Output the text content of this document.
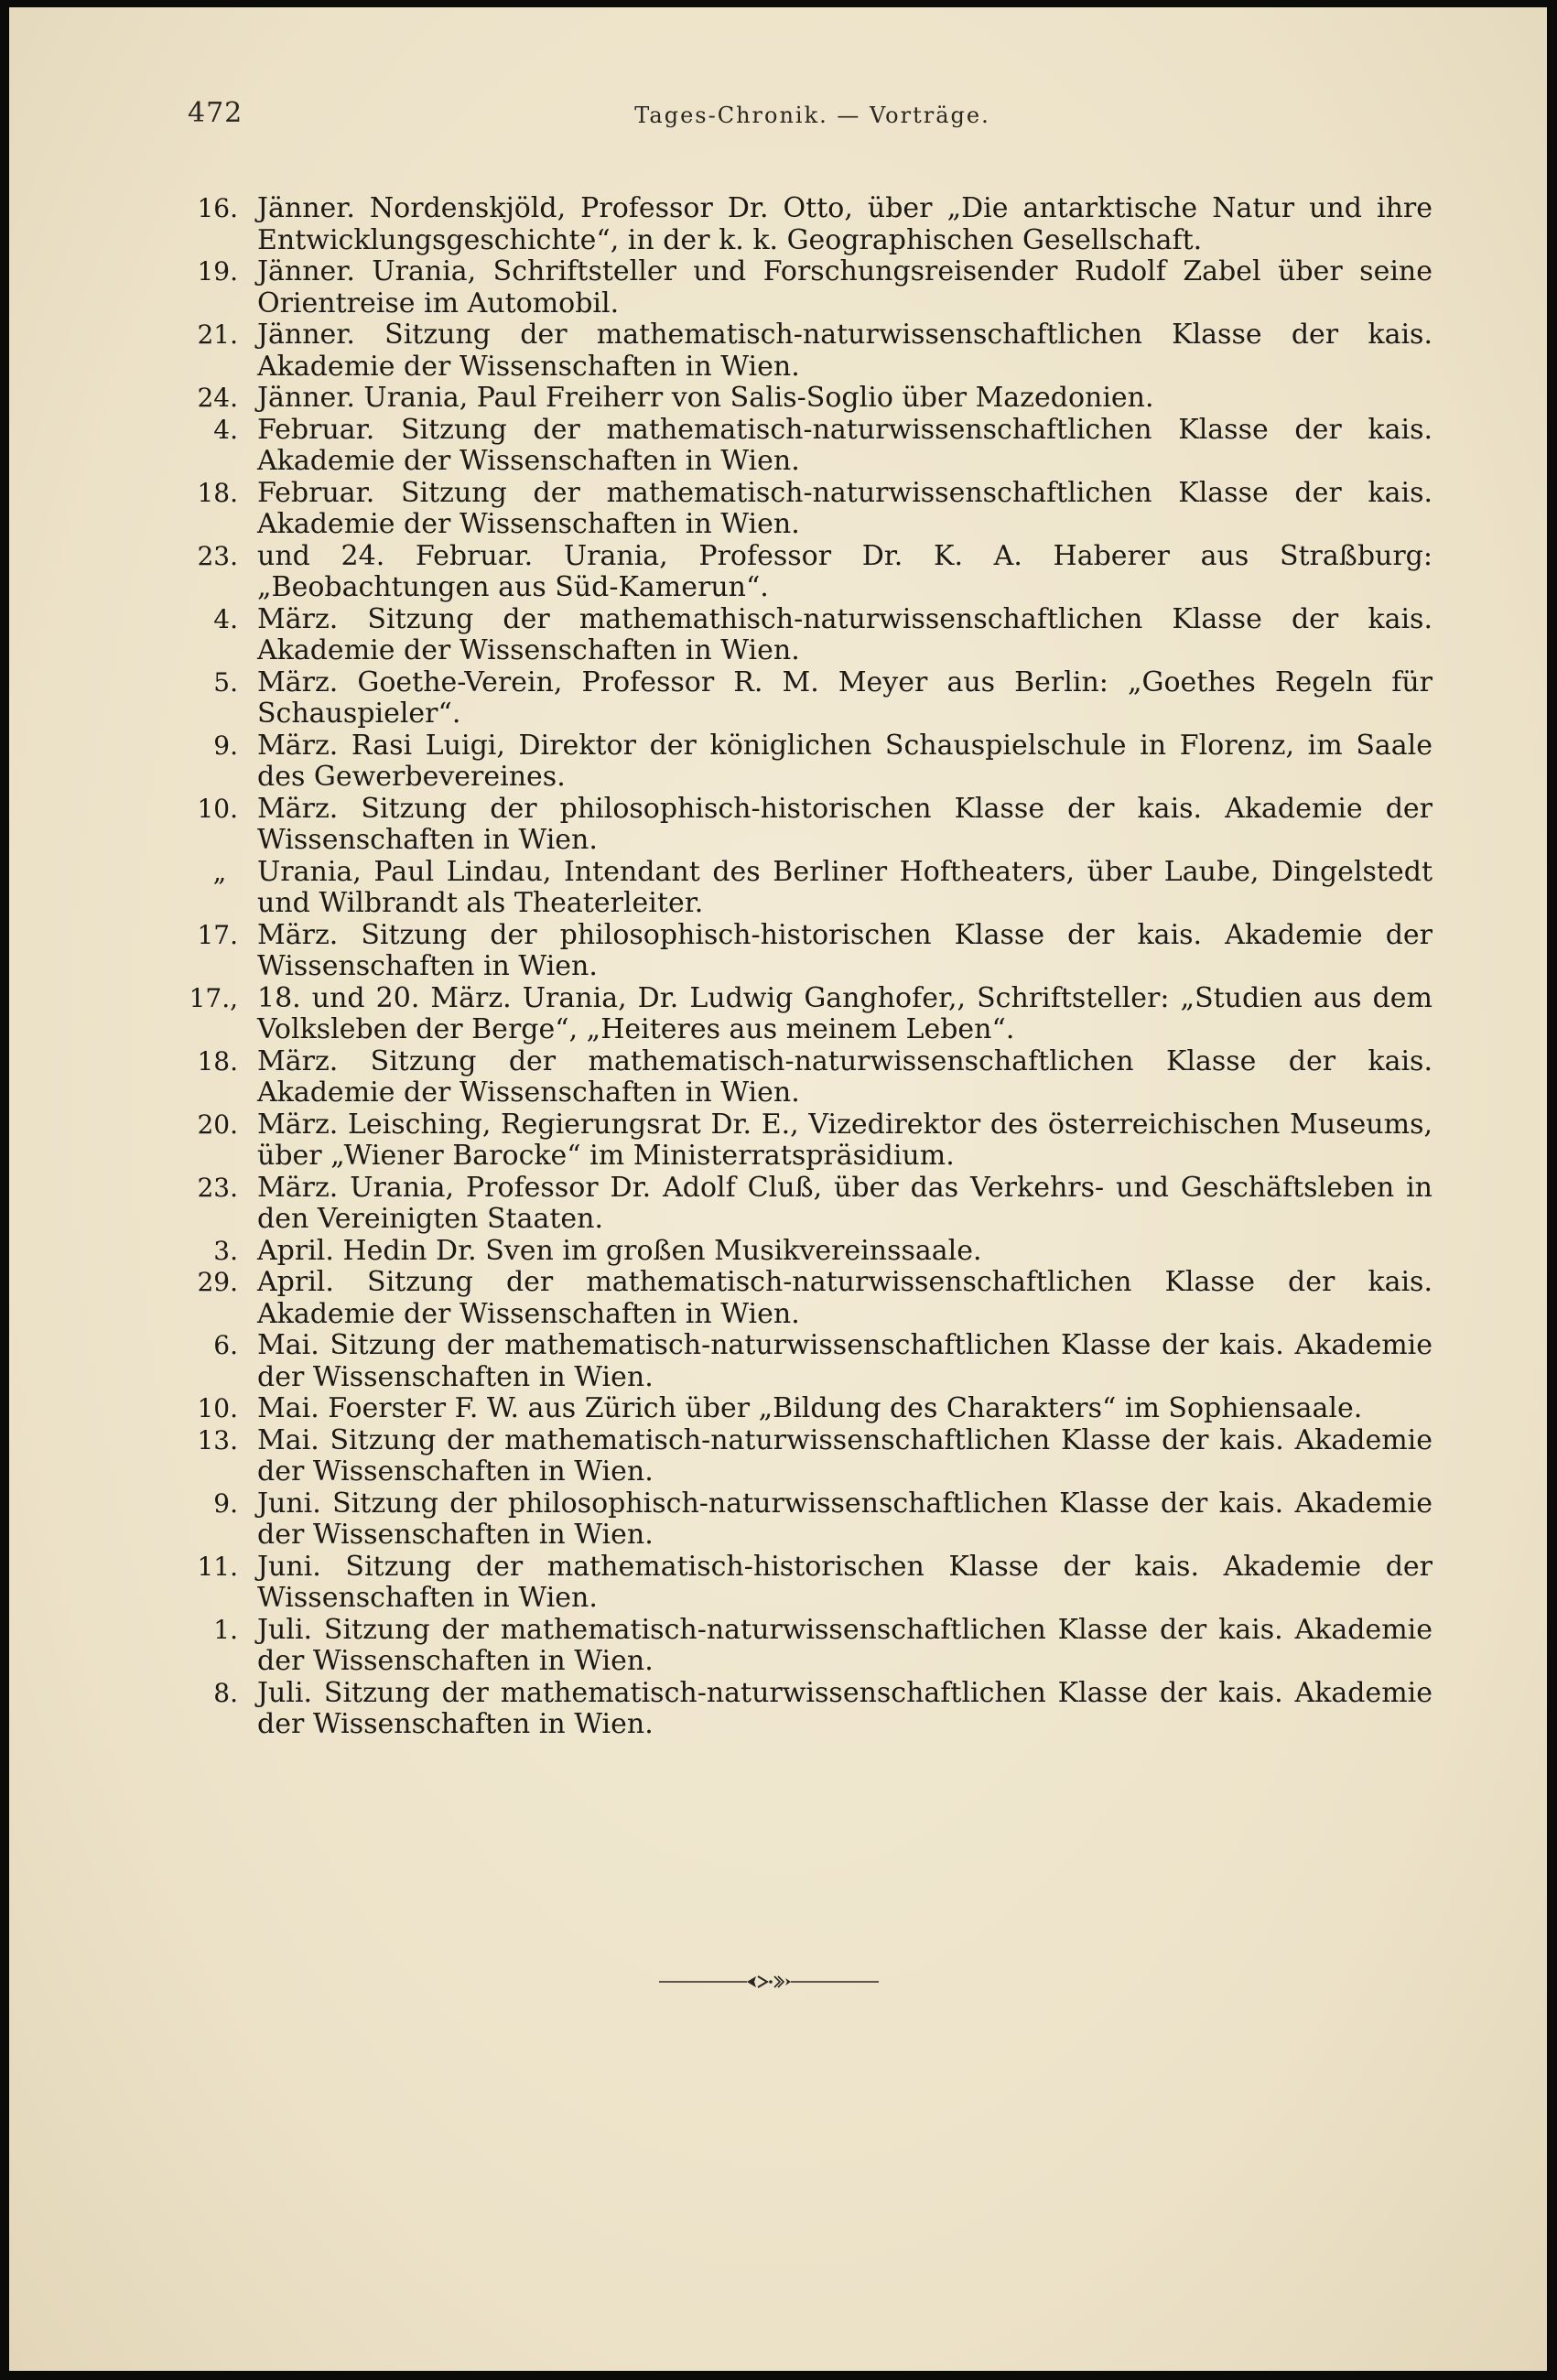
472	Tages-Chronik. — Vorträge.
16. Jänner. Nordenskjöld, Professor Dr. Otto, über „Die antarktische Natur und ihre Entwicklungsgeschichte“, in der k. k. Geographischen Gesellschaft.
19. Jänner. Urania, Schriftsteller und Forschungsreisender Rudolf Zabel über seine Orientreise im Automobil.
21. Jänner. Sitzung der mathematisch-naturwissenschaftlichen Klasse der kais. Akademie der Wissenschaften in Wien.
24. Jänner. Urania, Paul Freiherr von Salis-Soglio über Mazedonien.
4. Februar. Sitzung der mathematisch-naturwissenschaftlichen Klasse der kais. Akademie der Wissenschaften in Wien.
18. Februar. Sitzung der mathematisch-naturwissenschaftlichen Klasse der kais. Akademie der Wissenschaften in Wien.
23. und 24. Februar. Urania, Professor Dr. K. A. Haberer aus Straßburg: „Beobachtungen aus Süd-Kamerun“.
4. März. Sitzung der mathemathisch-naturwissenschaftlichen Klasse der kais. Akademie der Wissenschaften in Wien.
5. März. Goethe-Verein, Professor R. M. Meyer aus Berlin: „Goethes Regeln für Schauspieler“.
9. März. Rasi Luigi, Direktor der königlichen Schauspielschule in Florenz, im Saale des Gewerbevereines.
10. März. Sitzung der philosophisch-historischen Klasse der kais. Akademie der Wissenschaften in Wien.
„	Urania, Paul Lindau, Intendant des Berliner Hoftheaters, über Laube, Dingelstedt und Wilbrandt als Theaterleiter.
17. März. Sitzung der philosophisch-historischen Klasse der kais. Akademie der Wissenschaften in Wien.
17., 18. und 20. März. Urania, Dr. Ludwig Ganghofer,, Schriftsteller: „Studien aus dem Volksleben der Berge“, „Heiteres aus meinem Leben“.
18. März. Sitzung der mathematisch-naturwissenschaftlichen Klasse der kais. Akademie der Wissenschaften in Wien.
20. März. Leisching, Regierungsrat Dr. E., Vizedirektor des österreichischen Museums, über „Wiener Barocke“ im Ministerratspräsidium.
23. März. Urania, Professor Dr. Adolf Cluß, über das Verkehrs- und Geschäftsleben in den Vereinigten Staaten.
3. April. Hedin Dr. Sven im großen Musikvereinssaale.
29. April. Sitzung der mathematisch-naturwissenschaftlichen Klasse der kais. Akademie der Wissenschaften in Wien.
6. Mai. Sitzung der mathematisch-naturwissenschaftlichen Klasse der kais. Akademie der Wissenschaften in Wien.
10. Mai. Foerster F. W. aus Zürich über „Bildung des Charakters“ im Sophiensaale.
13. Mai. Sitzung der mathematisch-naturwissenschaftlichen Klasse der kais. Akademie der Wissenschaften in Wien.
9. Juni. Sitzung der philosophisch-naturwissenschaftlichen Klasse der kais. Akademie der Wissenschaften in Wien.
11. Juni. Sitzung der mathematisch-historischen Klasse der kais. Akademie der Wissenschaften in Wien.
1. Juli. Sitzung der mathematisch-naturwissenschaftlichen Klasse der kais. Akademie der Wissenschaften in Wien.
8. Juli. Sitzung der mathematisch-naturwissenschaftlichen Klasse der kais. Akademie der Wissenschaften in Wien.
